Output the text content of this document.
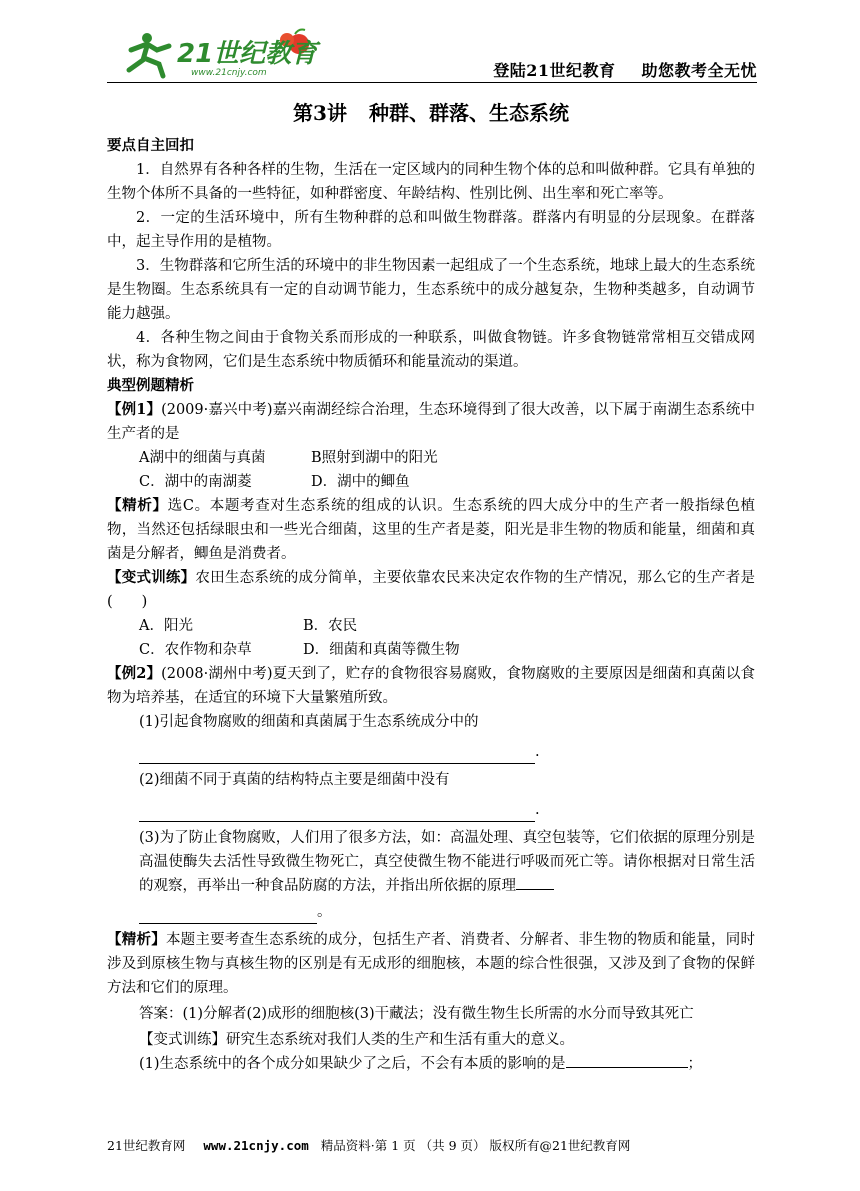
21世纪教育
www.21cnjy.com	登陆21世纪教育 助您教考全无忧
第3讲 种群、群落、生态系统
要点自主回扣

1．自然界有各种各样的生物，生活在一定区域内的同种生物个体的总和叫做种群。它具有单独的生物个体所不具备的一些特征，如种群密度、年龄结构、性别比例、出生率和死亡率等。

2．一定的生活环境中，所有生物种群的总和叫做生物群落。群落内有明显的分层现象。在群落中，起主导作用的是植物。

3．生物群落和它所生活的环境中的非生物因素一起组成了一个生态系统，地球上最大的生态系统是生物圈。生态系统具有一定的自动调节能力，生态系统中的成分越复杂，生物种类越多，自动调节能力越强。

4．各种生物之间由于食物关系而形成的一种联系，叫做食物链。许多食物链常常相互交错成网状，称为食物网，它们是生态系统中物质循环和能量流动的渠道。

典型例题精析

【例1】(2009·嘉兴中考)嘉兴南湖经综合治理，生态环境得到了很大改善，以下属于南湖生态系统中生产者的是

A湖中的细菌与真菌	B照射到湖中的阳光
C．湖中的南湖菱	D．湖中的鲫鱼

【精析】选C。本题考查对生态系统的组成的认识。生态系统的四大成分中的生产者一般指绿色植物，当然还包括绿眼虫和一些光合细菌，这里的生产者是菱，阳光是非生物的物质和能量，细菌和真菌是分解者，鲫鱼是消费者。

【变式训练】农田生态系统的成分简单，主要依靠农民来决定农作物的生产情况，那么它的生产者是　　(　　)

A．阳光	B．农民
C．农作物和杂草	D．细菌和真菌等微生物

【例2】(2008·湖州中考)夏天到了，贮存的食物很容易腐败，食物腐败的主要原因是细菌和真菌以食物为培养基，在适宜的环境下大量繁殖所致。

(1)引起食物腐败的细菌和真菌属于生态系统成分中的
.
(2)细菌不同于真菌的结构特点主要是细菌中没有
.

(3)为了防止食物腐败，人们用了很多方法，如：高温处理、真空包装等，它们依据的原理分别是高温使酶失去活性导致微生物死亡，真空使微生物不能进行呼吸而死亡等。请你根据对日常生活的观察，再举出一种食品防腐的方法，并指出所依据的原理

。

【精析】本题主要考查生态系统的成分，包括生产者、消费者、分解者、非生物的物质和能量，同时涉及到原核生物与真核生物的区别是有无成形的细胞核，本题的综合性很强，又涉及到了食物的保鲜方法和它们的原理。

答案：(1)分解者(2)成形的细胞核(3)干藏法；没有微生物生长所需的水分而导致其死亡

【变式训练】研究生态系统对我们人类的生产和生活有重大的意义。

(1)生态系统中的各个成分如果缺少了之后，不会有本质的影响的是	；

21世纪教育网 www.21cnjy.com 精品资料·第 1 页 （共 9 页） 版权所有@21世纪教育网
